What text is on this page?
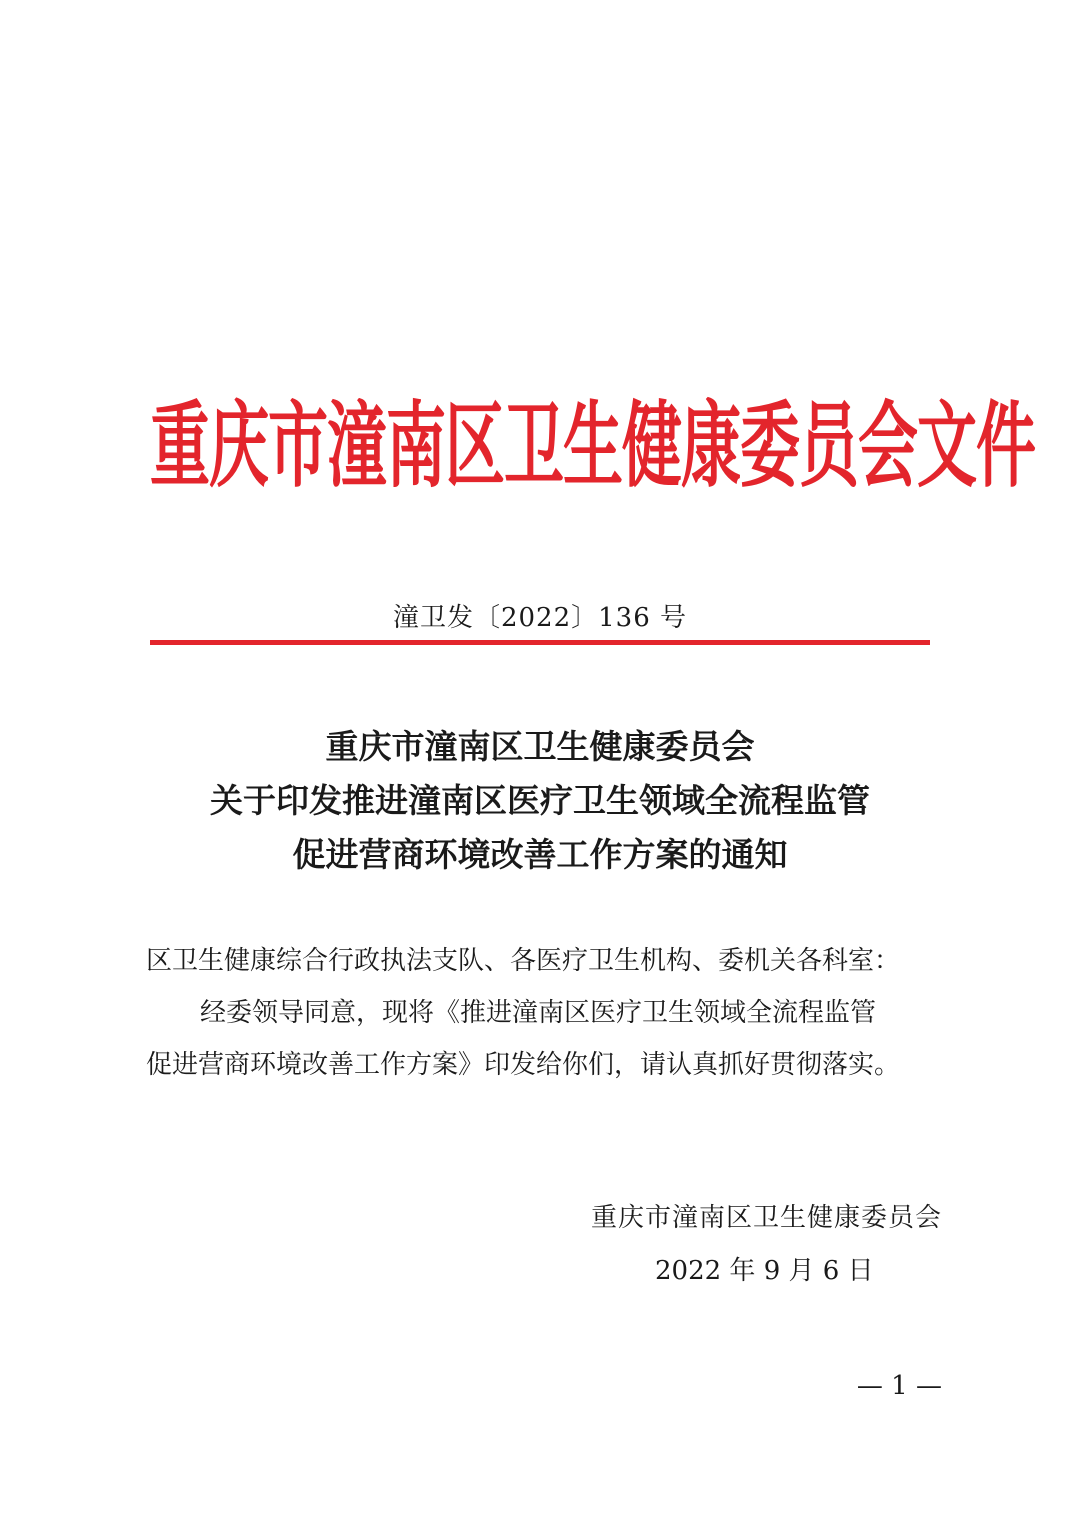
重庆市潼南区卫生健康委员会文件
潼卫发〔2022〕136 号
重庆市潼南区卫生健康委员会
关于印发推进潼南区医疗卫生领域全流程监管
促进营商环境改善工作方案的通知
区卫生健康综合行政执法支队、各医疗卫生机构、委机关各科室：
经委领导同意，现将《推进潼南区医疗卫生领域全流程监管
促进营商环境改善工作方案》印发给你们，请认真抓好贯彻落实。
重庆市潼南区卫生健康委员会
2022 年 9 月 6 日
— 1 —
